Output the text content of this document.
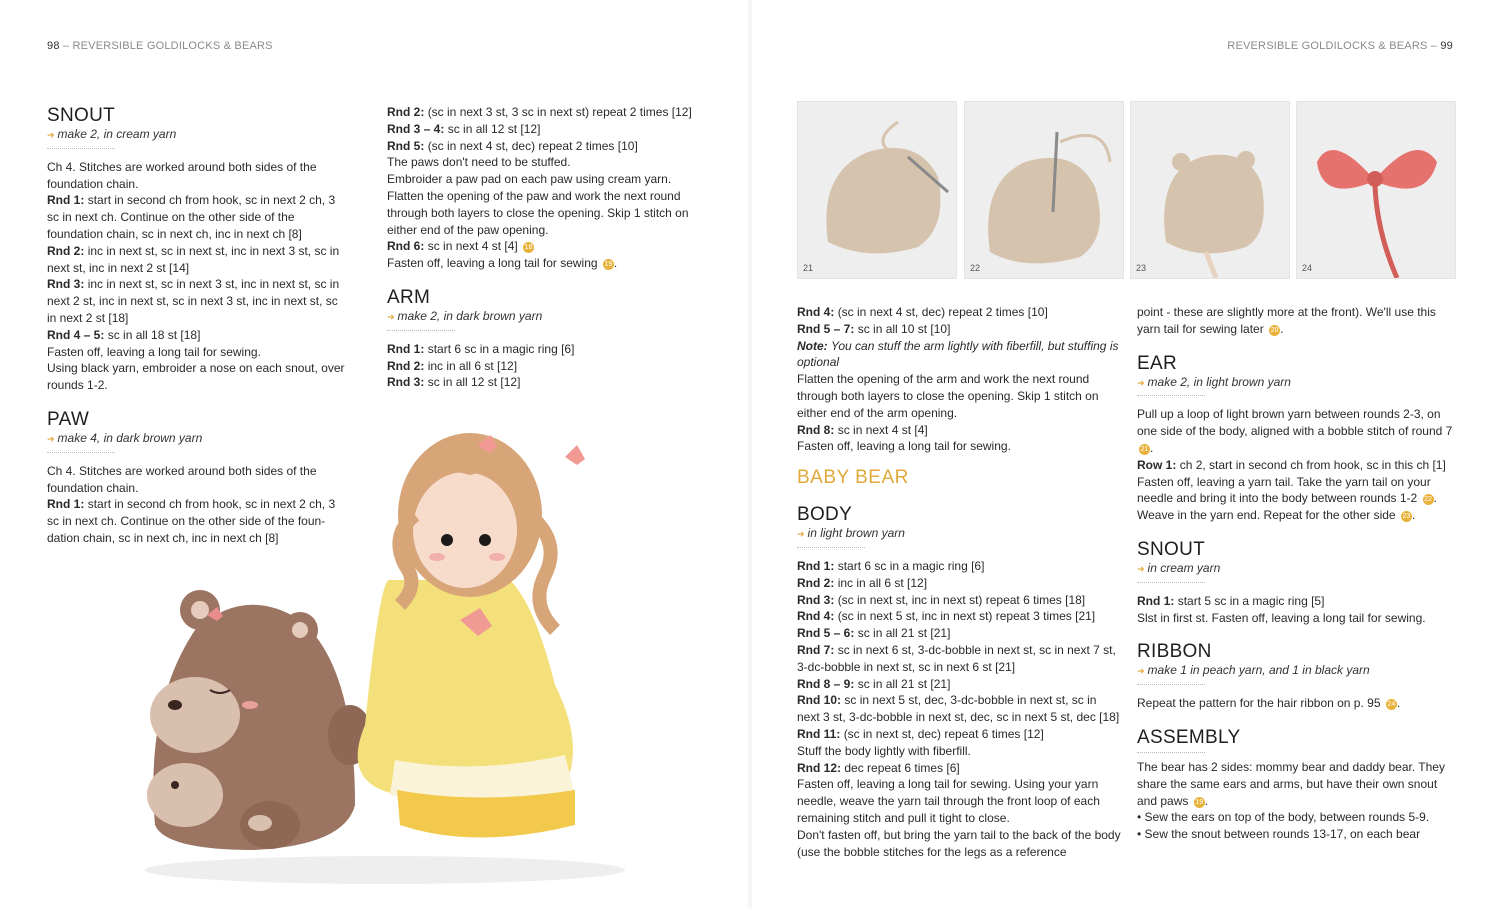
98 – REVERSIBLE GOLDILOCKS & BEARS
SNOUT

➜ make 2, in cream yarn

Ch 4. Stitches are worked around both sides of the foundation chain.

Rnd 1: start in second ch from hook, sc in next 2 ch, 3 sc in next ch. Continue on the other side of the foundation chain, sc in next ch, inc in next ch [8]

Rnd 2: inc in next st, sc in next st, inc in next 3 st, sc in next st, inc in next 2 st [14]

Rnd 3: inc in next st, sc in next 3 st, inc in next st, sc in next 2 st, inc in next st, sc in next 3 st, inc in next st, sc in next 2 st [18]

Rnd 4 – 5: sc in all 18 st [18]

Fasten off, leaving a long tail for sewing.

Using black yarn, embroider a nose on each snout, over rounds 1-2.

PAW

➜ make 4, in dark brown yarn

Ch 4. Stitches are worked around both sides of the foundation chain.

Rnd 1: start in second ch from hook, sc in next 2 ch, 3 sc in next ch. Continue on the other side of the foun-dation chain, sc in next ch, inc in next ch [8]

Rnd 2: (sc in next 3 st, 3 sc in next st) repeat 2 times [12]

Rnd 3 – 4: sc in all 12 st [12]

Rnd 5: (sc in next 4 st, dec) repeat 2 times [10]

The paws don't need to be stuffed.

Embroider a paw pad on each paw using cream yarn.

Flatten the opening of the paw and work the next round through both layers to close the opening. Skip 1 stitch on either end of the paw opening.

Rnd 6: sc in next 4 st [4] 18

Fasten off, leaving a long tail for sewing 19 .

ARM

➜ make 2, in dark brown yarn

Rnd 1: start 6 sc in a magic ring [6]

Rnd 2: inc in all 6 st [12]

Rnd 3: sc in all 12 st [12]

REVERSIBLE GOLDILOCKS & BEARS – 99
21	22	23	24

Rnd 4: (sc in next 4 st, dec) repeat 2 times [10]

Rnd 5 – 7: sc in all 10 st [10]

Note: You can stuff the arm lightly with fiberfill, but stuffing is optional

Flatten the opening of the arm and work the next round through both layers to close the opening. Skip 1 stitch on either end of the arm opening.

Rnd 8: sc in next 4 st [4]

Fasten off, leaving a long tail for sewing.

BABY BEAR
BODY

➜ in light brown yarn

Rnd 1: start 6 sc in a magic ring [6]

Rnd 2: inc in all 6 st [12]

Rnd 3: (sc in next st, inc in next st) repeat 6 times [18]

Rnd 4: (sc in next 5 st, inc in next st) repeat 3 times [21]

Rnd 5 – 6: sc in all 21 st [21]

Rnd 7: sc in next 6 st, 3-dc-bobble in next st, sc in next 7 st, 3-dc-bobble in next st, sc in next 6 st [21]

Rnd 8 – 9: sc in all 21 st [21]

Rnd 10: sc in next 5 st, dec, 3-dc-bobble in next st, sc in next 3 st, 3-dc-bobble in next st, dec, sc in next 5 st, dec [18]

Rnd 11: (sc in next st, dec) repeat 6 times [12]

Stuff the body lightly with fiberfill.

Rnd 12: dec repeat 6 times [6]

Fasten off, leaving a long tail for sewing. Using your yarn needle, weave the yarn tail through the front loop of each remaining stitch and pull it tight to close.

Don't fasten off, but bring the yarn tail to the back of the body (use the bobble stitches for the legs as a reference

point - these are slightly more at the front). We'll use this yarn tail for sewing later 20 .

EAR

➜ make 2, in light brown yarn

Pull up a loop of light brown yarn between rounds 2-3, on one side of the body, aligned with a bobble stitch of round 7 21 .

Row 1: ch 2, start in second ch from hook, sc in this ch [1]

Fasten off, leaving a yarn tail. Take the yarn tail on your needle and bring it into the body between rounds 1-2 22 .

Weave in the yarn end. Repeat for the other side 23 .

SNOUT

➜ in cream yarn

Rnd 1: start 5 sc in a magic ring [5]

Slst in first st. Fasten off, leaving a long tail for sewing.

RIBBON

➜ make 1 in peach yarn, and 1 in black yarn

Repeat the pattern for the hair ribbon on p. 95 24 .

ASSEMBLY

The bear has 2 sides: mommy bear and daddy bear. They share the same ears and arms, but have their own snout and paws 19 .

• Sew the ears on top of the body, between rounds 5-9.

• Sew the snout between rounds 13-17, on each bear
